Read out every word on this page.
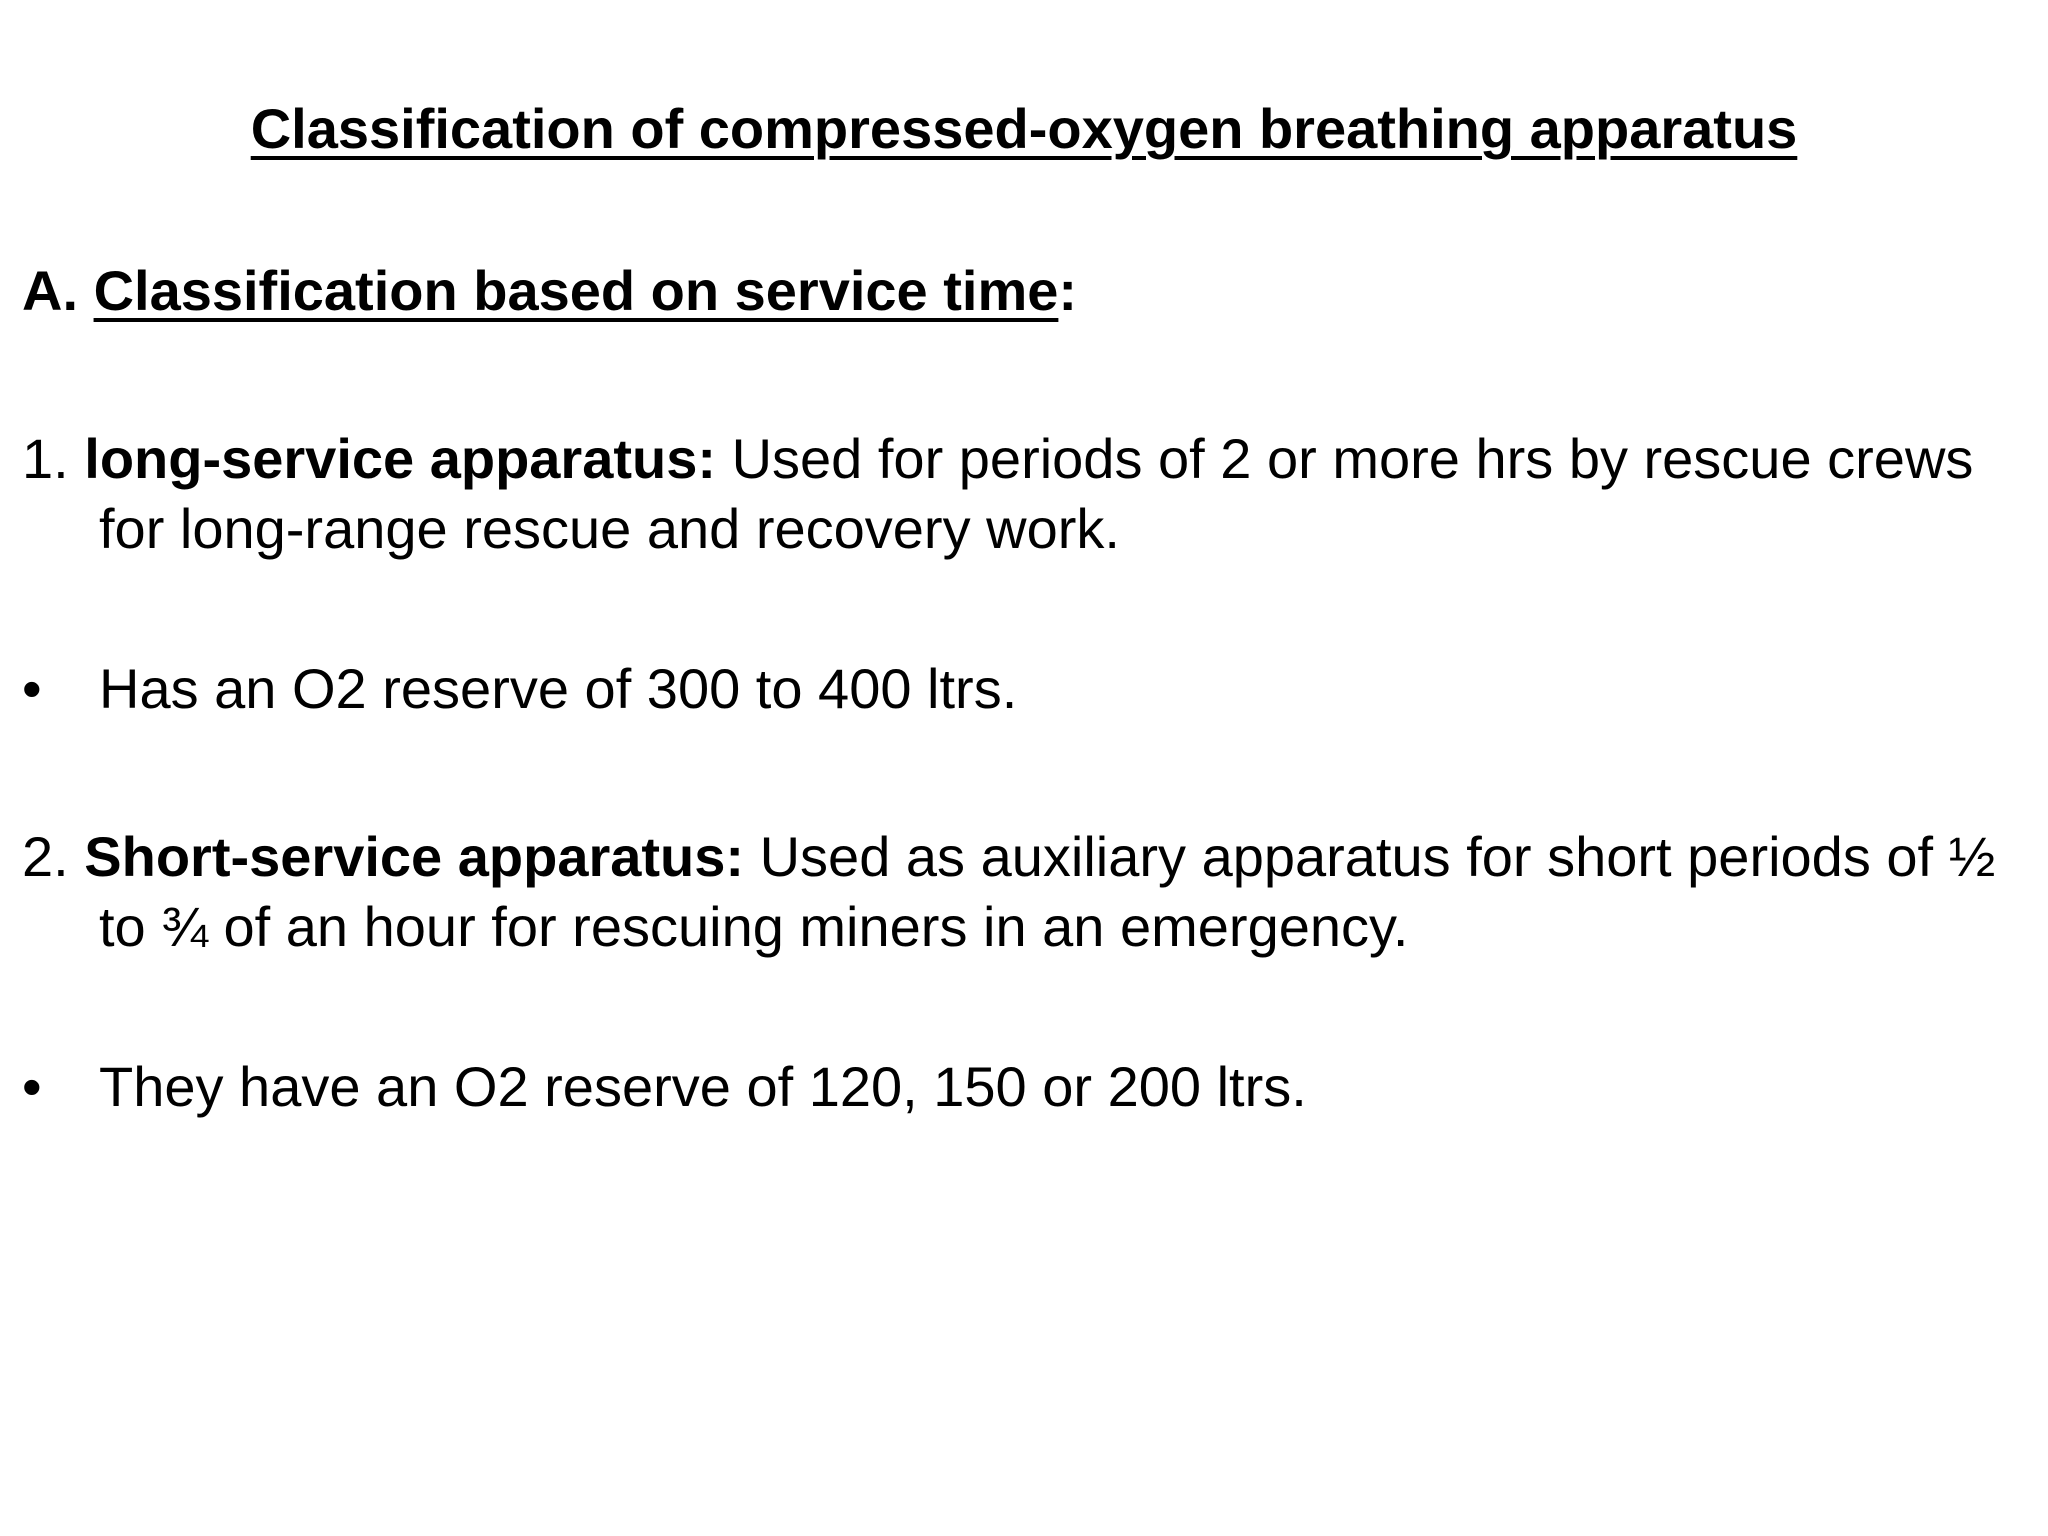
Classification of compressed-oxygen breathing apparatus
A. Classification based on service time:

1. long-service apparatus: Used for periods of 2 or more hrs by rescue crews for long-range rescue and recovery work.

• Has an O2 reserve of 300 to 400 ltrs.

2. Short-service apparatus: Used as auxiliary apparatus for short periods of ½ to ¾ of an hour for rescuing miners in an emergency.

• They have an O2 reserve of 120, 150 or 200 ltrs.
